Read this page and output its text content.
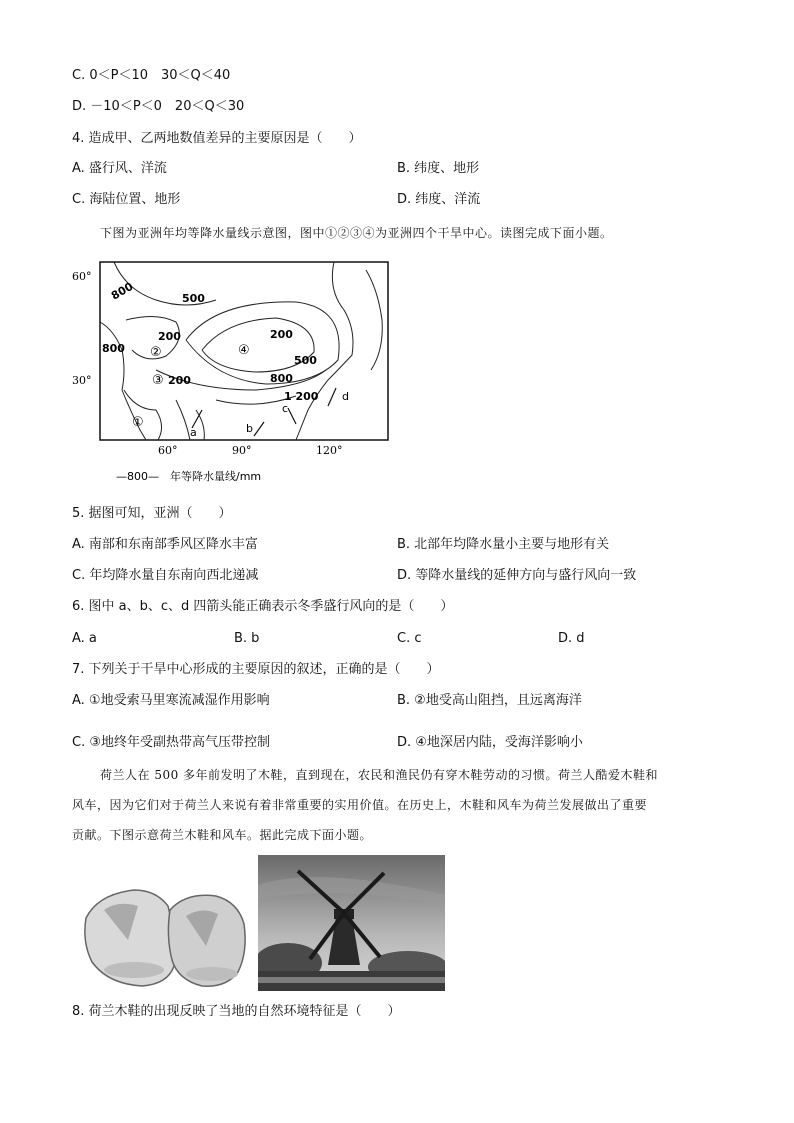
C. 0＜P＜10　30＜Q＜40
D. －10＜P＜0　20＜Q＜30
4. 造成甲、乙两地数值差异的主要原因是（　　）
A. 盛行风、洋流	B. 纬度、地形
C. 海陆位置、地形	D. 纬度、洋流
下图为亚洲年均等降水量线示意图，图中①②③④为亚洲四个干旱中心。读图完成下面小题。
60°
30°
60°	90°	120°
800	500
200	200
800
200
500
800
1 200
①
②
③
④
a	b
c
d
—800—　年等降水量线/mm
5. 据图可知，亚洲（　　）
A. 南部和东南部季风区降水丰富	B. 北部年均降水量小主要与地形有关
C. 年均降水量自东南向西北递减	D. 等降水量线的延伸方向与盛行风向一致
6. 图中 a、b、c、d 四箭头能正确表示冬季盛行风向的是（　　）
A. a	B. b	C. c	D. d
7. 下列关于干旱中心形成的主要原因的叙述，正确的是（　　）
A. ①地受索马里寒流减湿作用影响	B. ②地受高山阻挡，且远离海洋
C. ③地终年受副热带高气压带控制	D. ④地深居内陆，受海洋影响小
荷兰人在 500 多年前发明了木鞋，直到现在，农民和渔民仍有穿木鞋劳动的习惯。荷兰人酷爱木鞋和
风车，因为它们对于荷兰人来说有着非常重要的实用价值。在历史上，木鞋和风车为荷兰发展做出了重要
贡献。下图示意荷兰木鞋和风车。据此完成下面小题。
8. 荷兰木鞋的出现反映了当地的自然环境特征是（　　）
